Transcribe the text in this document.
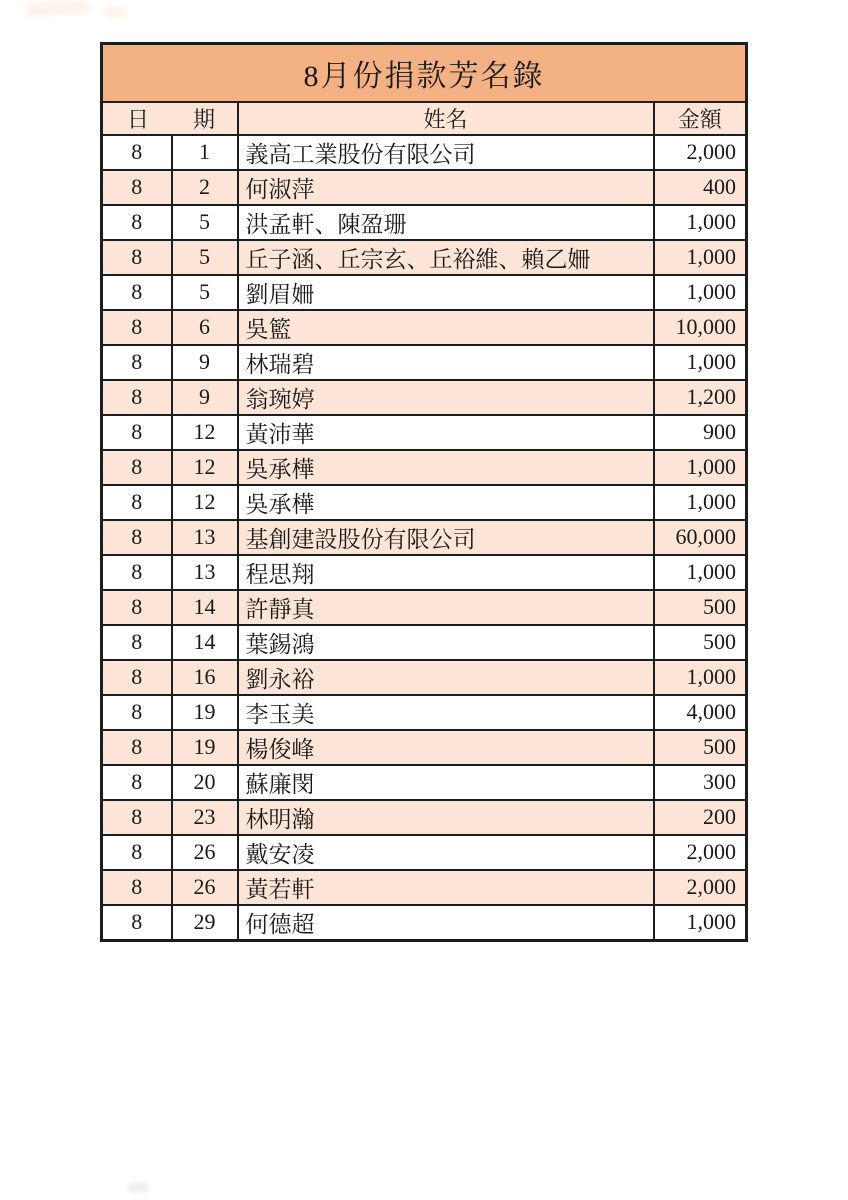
8月份捐款芳名錄			

日 期		姓名	金額
8	1	義高工業股份有限公司	2,000
8	2	何淑萍	400
8	5	洪孟軒、陳盈珊	1,000
8	5	丘子涵、丘宗玄、丘裕維、賴乙姍	1,000
8	5	劉眉姍	1,000
8	6	吳籃	10,000
8	9	林瑞碧	1,000
8	9	翁琬婷	1,200
8	12	黃沛華	900
8	12	吳承樺	1,000
8	12	吳承樺	1,000
8	13	基創建設股份有限公司	60,000
8	13	程思翔	1,000
8	14	許靜真	500
8	14	葉錫鴻	500
8	16	劉永裕	1,000
8	19	李玉美	4,000
8	19	楊俊峰	500
8	20	蘇廉閔	300
8	23	林明瀚	200
8	26	戴安凌	2,000
8	26	黃若軒	2,000
8	29	何德超	1,000
